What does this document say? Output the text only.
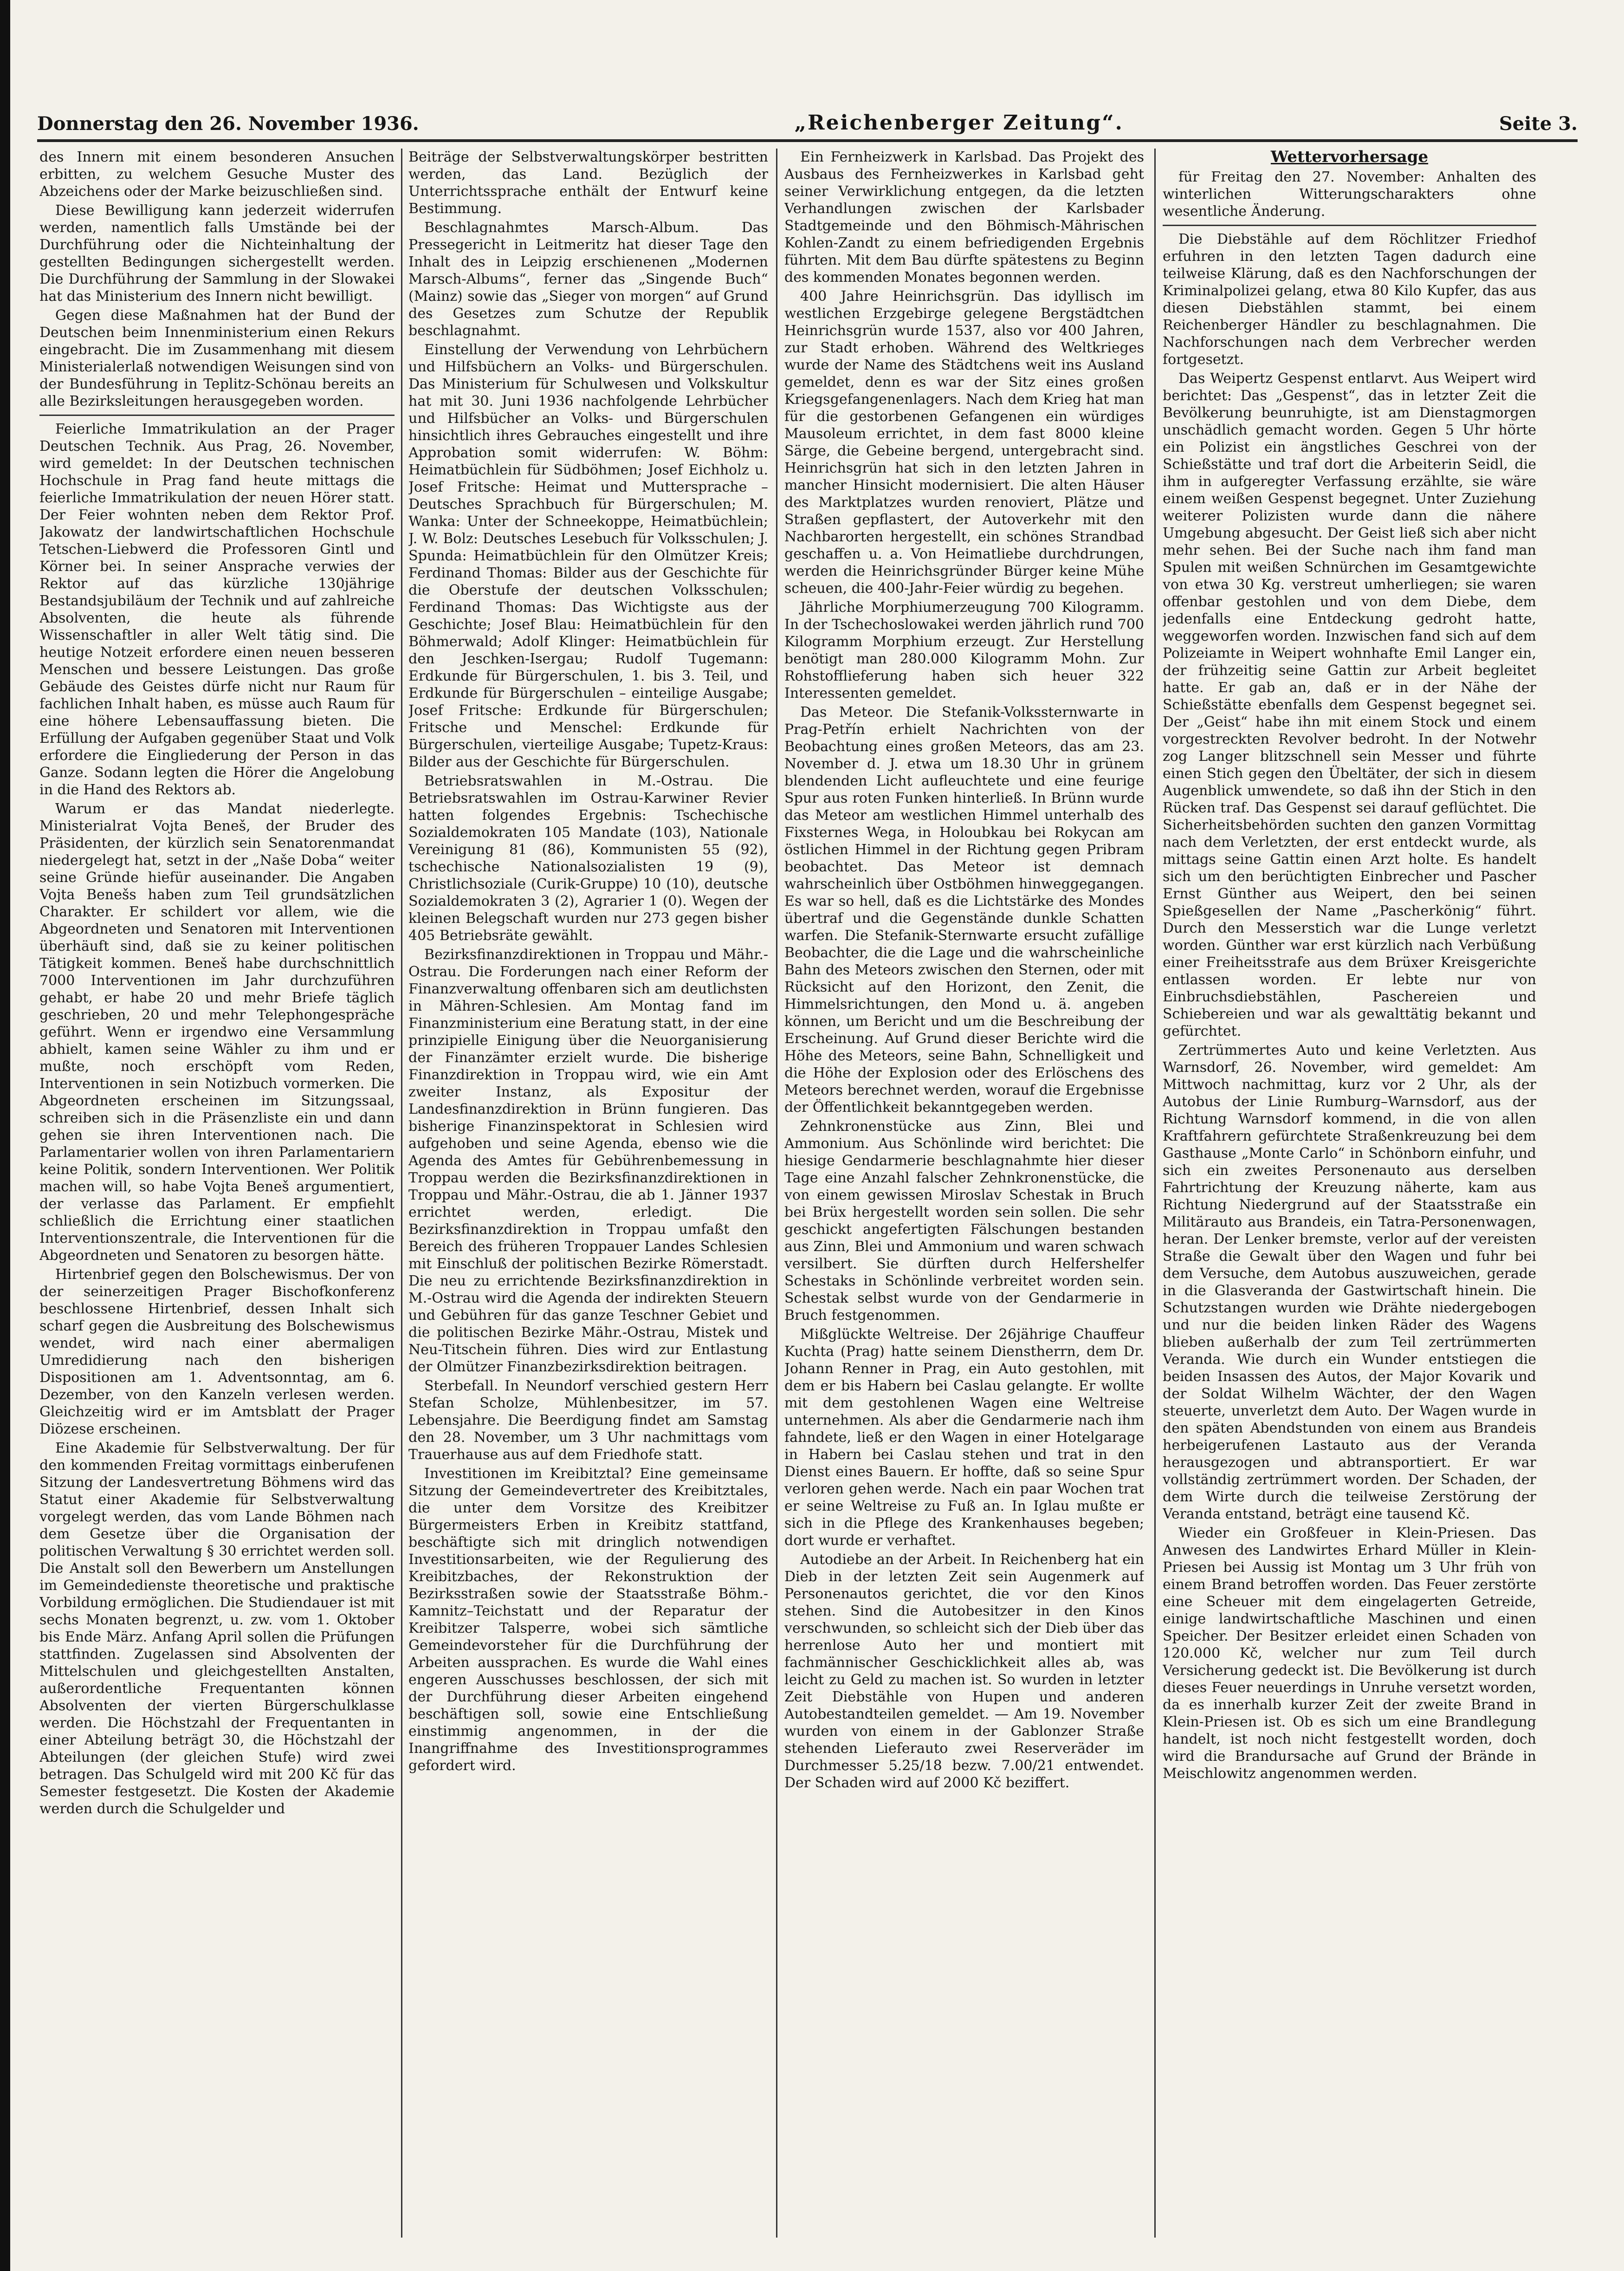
Donnerstag den 26. November 1936.	„Reichenberger Zeitung“.	Seite 3.

des Innern mit einem besonderen Ansuchen erbitten, zu welchem Gesuche Muster des Abzeichens oder der Marke beizuschließen sind.

Diese Bewilligung kann jederzeit widerrufen werden, namentlich falls Umstände bei der Durchführung oder die Nichteinhaltung der gestellten Bedingungen sichergestellt werden. Die Durchführung der Sammlung in der Slowakei hat das Ministerium des Innern nicht bewilligt.

Gegen diese Maßnahmen hat der Bund der Deutschen beim Innenministerium einen Rekurs eingebracht. Die im Zusammenhang mit diesem Ministerialerlaß notwendigen Weisungen sind von der Bundesführung in Teplitz-Schönau bereits an alle Bezirksleitungen herausgegeben worden.

Feierliche Immatrikulation an der Prager Deutschen Technik. Aus Prag, 26. November, wird gemeldet: In der Deutschen technischen Hochschule in Prag fand heute mittags die feierliche Immatrikulation der neuen Hörer statt. Der Feier wohnten neben dem Rektor Prof. Jakowatz der landwirtschaftlichen Hochschule Tetschen-Liebwerd die Professoren Gintl und Körner bei. In seiner Ansprache verwies der Rektor auf das kürzliche 130jährige Bestandsjubiläum der Technik und auf zahlreiche Absolventen, die heute als führende Wissenschaftler in aller Welt tätig sind. Die heutige Notzeit erfordere einen neuen besseren Menschen und bessere Leistungen. Das große Gebäude des Geistes dürfe nicht nur Raum für fachlichen Inhalt haben, es müsse auch Raum für eine höhere Lebensauffassung bieten. Die Erfüllung der Aufgaben gegenüber Staat und Volk erfordere die Eingliederung der Person in das Ganze. Sodann legten die Hörer die Angelobung in die Hand des Rektors ab.

Warum er das Mandat niederlegte. Ministerialrat Vojta Beneš, der Bruder des Präsidenten, der kürzlich sein Senatorenmandat niedergelegt hat, setzt in der „Naše Doba“ weiter seine Gründe hiefür auseinander. Die Angaben Vojta Benešs haben zum Teil grundsätzlichen Charakter. Er schildert vor allem, wie die Abgeordneten und Senatoren mit Interventionen überhäuft sind, daß sie zu keiner politischen Tätigkeit kommen. Beneš habe durchschnittlich 7000 Interventionen im Jahr durchzuführen gehabt, er habe 20 und mehr Briefe täglich geschrieben, 20 und mehr Telephongespräche geführt. Wenn er irgendwo eine Versammlung abhielt, kamen seine Wähler zu ihm und er mußte, noch erschöpft vom Reden, Interventionen in sein Notizbuch vormerken. Die Abgeordneten erscheinen im Sitzungssaal, schreiben sich in die Präsenzliste ein und dann gehen sie ihren Interventionen nach. Die Parlamentarier wollen von ihren Parlamentariern keine Politik, sondern Interventionen. Wer Politik machen will, so habe Vojta Beneš argumentiert, der verlasse das Parlament. Er empfiehlt schließlich die Errichtung einer staatlichen Interventionszentrale, die Interventionen für die Abgeordneten und Senatoren zu besorgen hätte.

Hirtenbrief gegen den Bolschewismus. Der von der seinerzeitigen Prager Bischofkonferenz beschlossene Hirtenbrief, dessen Inhalt sich scharf gegen die Ausbreitung des Bolschewismus wendet, wird nach einer abermaligen Umredidierung nach den bisherigen Dispositionen am 1. Adventsonntag, am 6. Dezember, von den Kanzeln verlesen werden. Gleichzeitig wird er im Amtsblatt der Prager Diözese erscheinen.

Eine Akademie für Selbstverwaltung. Der für den kommenden Freitag vormittags einberufenen Sitzung der Landesvertretung Böhmens wird das Statut einer Akademie für Selbstverwaltung vorgelegt werden, das vom Lande Böhmen nach dem Gesetze über die Organisation der politischen Verwaltung § 30 errichtet werden soll. Die Anstalt soll den Bewerbern um Anstellungen im Gemeindedienste theoretische und praktische Vorbildung ermöglichen. Die Studiendauer ist mit sechs Monaten begrenzt, u. zw. vom 1. Oktober bis Ende März. Anfang April sollen die Prüfungen stattfinden. Zugelassen sind Absolventen der Mittelschulen und gleichgestellten Anstalten, außerordentliche Frequentanten können Absolventen der vierten Bürgerschulklasse werden. Die Höchstzahl der Frequentanten in einer Abteilung beträgt 30, die Höchstzahl der Abteilungen (der gleichen Stufe) wird zwei betragen. Das Schulgeld wird mit 200 Kč für das Semester festgesetzt. Die Kosten der Akademie werden durch die Schulgelder und

Beiträge der Selbstverwaltungskörper bestritten werden, das Land. Bezüglich der Unterrichtssprache enthält der Entwurf keine Bestimmung.

Beschlagnahmtes Marsch-Album. Das Pressegericht in Leitmeritz hat dieser Tage den Inhalt des in Leipzig erschienenen „Modernen Marsch-Albums“, ferner das „Singende Buch“ (Mainz) sowie das „Sieger von morgen“ auf Grund des Gesetzes zum Schutze der Republik beschlagnahmt.

Einstellung der Verwendung von Lehrbüchern und Hilfsbüchern an Volks- und Bürgerschulen. Das Ministerium für Schulwesen und Volkskultur hat mit 30. Juni 1936 nachfolgende Lehrbücher und Hilfsbücher an Volks- und Bürgerschulen hinsichtlich ihres Gebrauches eingestellt und ihre Approbation somit widerrufen: W. Böhm: Heimatbüchlein für Südböhmen; Josef Eichholz u. Josef Fritsche: Heimat und Muttersprache – Deutsches Sprachbuch für Bürgerschulen; M. Wanka: Unter der Schneekoppe, Heimatbüchlein; J. W. Bolz: Deutsches Lesebuch für Volksschulen; J. Spunda: Heimatbüchlein für den Olmützer Kreis; Ferdinand Thomas: Bilder aus der Geschichte für die Oberstufe der deutschen Volksschulen; Ferdinand Thomas: Das Wichtigste aus der Geschichte; Josef Blau: Heimatbüchlein für den Böhmerwald; Adolf Klinger: Heimatbüchlein für den Jeschken-Isergau; Rudolf Tugemann: Erdkunde für Bürgerschulen, 1. bis 3. Teil, und Erdkunde für Bürgerschulen – einteilige Ausgabe; Josef Fritsche: Erdkunde für Bürgerschulen; Fritsche und Menschel: Erdkunde für Bürgerschulen, vierteilige Ausgabe; Tupetz-Kraus: Bilder aus der Geschichte für Bürgerschulen.

Betriebsratswahlen in M.-Ostrau. Die Betriebsratswahlen im Ostrau-Karwiner Revier hatten folgendes Ergebnis: Tschechische Sozialdemokraten 105 Mandate (103), Nationale Vereinigung 81 (86), Kommunisten 55 (92), tschechische Nationalsozialisten 19 (9), Christlichsoziale (Curik-Gruppe) 10 (10), deutsche Sozialdemokraten 3 (2), Agrarier 1 (0). Wegen der kleinen Belegschaft wurden nur 273 gegen bisher 405 Betriebsräte gewählt.

Bezirksfinanzdirektionen in Troppau und Mähr.-Ostrau. Die Forderungen nach einer Reform der Finanzverwaltung offenbaren sich am deutlichsten in Mähren-Schlesien. Am Montag fand im Finanzministerium eine Beratung statt, in der eine prinzipielle Einigung über die Neuorganisierung der Finanzämter erzielt wurde. Die bisherige Finanzdirektion in Troppau wird, wie ein Amt zweiter Instanz, als Expositur der Landesfinanzdirektion in Brünn fungieren. Das bisherige Finanzinspektorat in Schlesien wird aufgehoben und seine Agenda, ebenso wie die Agenda des Amtes für Gebührenbemessung in Troppau werden die Bezirksfinanzdirektionen in Troppau und Mähr.-Ostrau, die ab 1. Jänner 1937 errichtet werden, erledigt. Die Bezirksfinanzdirektion in Troppau umfaßt den Bereich des früheren Troppauer Landes Schlesien mit Einschluß der politischen Bezirke Römerstadt. Die neu zu errichtende Bezirksfinanzdirektion in M.-Ostrau wird die Agenda der indirekten Steuern und Gebühren für das ganze Teschner Gebiet und die politischen Bezirke Mähr.-Ostrau, Mistek und Neu-Titschein führen. Dies wird zur Entlastung der Olmützer Finanzbezirksdirektion beitragen.

Sterbefall. In Neundorf verschied gestern Herr Stefan Scholze, Mühlenbesitzer, im 57. Lebensjahre. Die Beerdigung findet am Samstag den 28. November, um 3 Uhr nachmittags vom Trauerhause aus auf dem Friedhofe statt.

Investitionen im Kreibitztal? Eine gemeinsame Sitzung der Gemeindevertreter des Kreibitztales, die unter dem Vorsitze des Kreibitzer Bürgermeisters Erben in Kreibitz stattfand, beschäftigte sich mit dringlich notwendigen Investitionsarbeiten, wie der Regulierung des Kreibitzbaches, der Rekonstruktion der Bezirksstraßen sowie der Staatsstraße Böhm.-Kamnitz–Teichstatt und der Reparatur der Kreibitzer Talsperre, wobei sich sämtliche Gemeindevorsteher für die Durchführung der Arbeiten aussprachen. Es wurde die Wahl eines engeren Ausschusses beschlossen, der sich mit der Durchführung dieser Arbeiten eingehend beschäftigen soll, sowie eine Entschließung einstimmig angenommen, in der die Inangriffnahme des Investitionsprogrammes gefordert wird.

Ein Fernheizwerk in Karlsbad. Das Projekt des Ausbaus des Fernheizwerkes in Karlsbad geht seiner Verwirklichung entgegen, da die letzten Verhandlungen zwischen der Karlsbader Stadtgemeinde und den Böhmisch-Mährischen Kohlen-Zandt zu einem befriedigenden Ergebnis führten. Mit dem Bau dürfte spätestens zu Beginn des kommenden Monates begonnen werden.

400 Jahre Heinrichsgrün. Das idyllisch im westlichen Erzgebirge gelegene Bergstädtchen Heinrichsgrün wurde 1537, also vor 400 Jahren, zur Stadt erhoben. Während des Weltkrieges wurde der Name des Städtchens weit ins Ausland gemeldet, denn es war der Sitz eines großen Kriegsgefangenenlagers. Nach dem Krieg hat man für die gestorbenen Gefangenen ein würdiges Mausoleum errichtet, in dem fast 8000 kleine Särge, die Gebeine bergend, untergebracht sind. Heinrichsgrün hat sich in den letzten Jahren in mancher Hinsicht modernisiert. Die alten Häuser des Marktplatzes wurden renoviert, Plätze und Straßen gepflastert, der Autoverkehr mit den Nachbarorten hergestellt, ein schönes Strandbad geschaffen u. a. Von Heimatliebe durchdrungen, werden die Heinrichsgründer Bürger keine Mühe scheuen, die 400-Jahr-Feier würdig zu begehen.

Jährliche Morphiumerzeugung 700 Kilogramm. In der Tschechoslowakei werden jährlich rund 700 Kilogramm Morphium erzeugt. Zur Herstellung benötigt man 280.000 Kilogramm Mohn. Zur Rohstofflieferung haben sich heuer 322 Interessenten gemeldet.

Das Meteor. Die Stefanik-Volkssternwarte in Prag-Petřín erhielt Nachrichten von der Beobachtung eines großen Meteors, das am 23. November d. J. etwa um 18.30 Uhr in grünem blendenden Licht aufleuchtete und eine feurige Spur aus roten Funken hinterließ. In Brünn wurde das Meteor am westlichen Himmel unterhalb des Fixsternes Wega, in Holoubkau bei Rokycan am östlichen Himmel in der Richtung gegen Pribram beobachtet. Das Meteor ist demnach wahrscheinlich über Ostböhmen hinweggegangen. Es war so hell, daß es die Lichtstärke des Mondes übertraf und die Gegenstände dunkle Schatten warfen. Die Stefanik-Sternwarte ersucht zufällige Beobachter, die die Lage und die wahrscheinliche Bahn des Meteors zwischen den Sternen, oder mit Rücksicht auf den Horizont, den Zenit, die Himmelsrichtungen, den Mond u. ä. angeben können, um Bericht und um die Beschreibung der Erscheinung. Auf Grund dieser Berichte wird die Höhe des Meteors, seine Bahn, Schnelligkeit und die Höhe der Explosion oder des Erlöschens des Meteors berechnet werden, worauf die Ergebnisse der Öffentlichkeit bekanntgegeben werden.

Zehnkronenstücke aus Zinn, Blei und Ammonium. Aus Schönlinde wird berichtet: Die hiesige Gendarmerie beschlagnahmte hier dieser Tage eine Anzahl falscher Zehnkronenstücke, die von einem gewissen Miroslav Schestak in Bruch bei Brüx hergestellt worden sein sollen. Die sehr geschickt angefertigten Fälschungen bestanden aus Zinn, Blei und Ammonium und waren schwach versilbert. Sie dürften durch Helfershelfer Schestaks in Schönlinde verbreitet worden sein. Schestak selbst wurde von der Gendarmerie in Bruch festgenommen.

Mißglückte Weltreise. Der 26jährige Chauffeur Kuchta (Prag) hatte seinem Dienstherrn, dem Dr. Johann Renner in Prag, ein Auto gestohlen, mit dem er bis Habern bei Caslau gelangte. Er wollte mit dem gestohlenen Wagen eine Weltreise unternehmen. Als aber die Gendarmerie nach ihm fahndete, ließ er den Wagen in einer Hotelgarage in Habern bei Caslau stehen und trat in den Dienst eines Bauern. Er hoffte, daß so seine Spur verloren gehen werde. Nach ein paar Wochen trat er seine Weltreise zu Fuß an. In Iglau mußte er sich in die Pflege des Krankenhauses begeben; dort wurde er verhaftet.

Autodiebe an der Arbeit. In Reichenberg hat ein Dieb in der letzten Zeit sein Augenmerk auf Personenautos gerichtet, die vor den Kinos stehen. Sind die Autobesitzer in den Kinos verschwunden, so schleicht sich der Dieb über das herrenlose Auto her und montiert mit fachmännischer Geschicklichkeit alles ab, was leicht zu Geld zu machen ist. So wurden in letzter Zeit Diebstähle von Hupen und anderen Autobestandteilen gemeldet. — Am 19. November wurden von einem in der Gablonzer Straße stehenden Lieferauto zwei Reserveräder im Durchmesser 5.25/18 bezw. 7.00/21 entwendet. Der Schaden wird auf 2000 Kč beziffert.

Wettervorhersage

für Freitag den 27. November: Anhalten des winterlichen Witterungscharakters ohne wesentliche Änderung.

Die Diebstähle auf dem Röchlitzer Friedhof erfuhren in den letzten Tagen dadurch eine teilweise Klärung, daß es den Nachforschungen der Kriminalpolizei gelang, etwa 80 Kilo Kupfer, das aus diesen Diebstählen stammt, bei einem Reichenberger Händler zu beschlagnahmen. Die Nachforschungen nach dem Verbrecher werden fortgesetzt.

Das Weipertz Gespenst entlarvt. Aus Weipert wird berichtet: Das „Gespenst“, das in letzter Zeit die Bevölkerung beunruhigte, ist am Dienstagmorgen unschädlich gemacht worden. Gegen 5 Uhr hörte ein Polizist ein ängstliches Geschrei von der Schießstätte und traf dort die Arbeiterin Seidl, die ihm in aufgeregter Verfassung erzählte, sie wäre einem weißen Gespenst begegnet. Unter Zuziehung weiterer Polizisten wurde dann die nähere Umgebung abgesucht. Der Geist ließ sich aber nicht mehr sehen. Bei der Suche nach ihm fand man Spulen mit weißen Schnürchen im Gesamtgewichte von etwa 30 Kg. verstreut umherliegen; sie waren offenbar gestohlen und von dem Diebe, dem jedenfalls eine Entdeckung gedroht hatte, weggeworfen worden. Inzwischen fand sich auf dem Polizeiamte in Weipert wohnhafte Emil Langer ein, der frühzeitig seine Gattin zur Arbeit begleitet hatte. Er gab an, daß er in der Nähe der Schießstätte ebenfalls dem Gespenst begegnet sei. Der „Geist“ habe ihn mit einem Stock und einem vorgestreckten Revolver bedroht. In der Notwehr zog Langer blitzschnell sein Messer und führte einen Stich gegen den Übeltäter, der sich in diesem Augenblick umwendete, so daß ihn der Stich in den Rücken traf. Das Gespenst sei darauf geflüchtet. Die Sicherheitsbehörden suchten den ganzen Vormittag nach dem Verletzten, der erst entdeckt wurde, als mittags seine Gattin einen Arzt holte. Es handelt sich um den berüchtigten Einbrecher und Pascher Ernst Günther aus Weipert, den bei seinen Spießgesellen der Name „Pascherkönig“ führt. Durch den Messerstich war die Lunge verletzt worden. Günther war erst kürzlich nach Verbüßung einer Freiheitsstrafe aus dem Brüxer Kreisgerichte entlassen worden. Er lebte nur von Einbruchsdiebstählen, Paschereien und Schiebereien und war als gewalttätig bekannt und gefürchtet.

Zertrümmertes Auto und keine Verletzten. Aus Warnsdorf, 26. November, wird gemeldet: Am Mittwoch nachmittag, kurz vor 2 Uhr, als der Autobus der Linie Rumburg–Warnsdorf, aus der Richtung Warnsdorf kommend, in die von allen Kraftfahrern gefürchtete Straßenkreuzung bei dem Gasthause „Monte Carlo“ in Schönborn einfuhr, und sich ein zweites Personenauto aus derselben Fahrtrichtung der Kreuzung näherte, kam aus Richtung Niedergrund auf der Staatsstraße ein Militärauto aus Brandeis, ein Tatra-Personenwagen, heran. Der Lenker bremste, verlor auf der vereisten Straße die Gewalt über den Wagen und fuhr bei dem Versuche, dem Autobus auszuweichen, gerade in die Glasveranda der Gastwirtschaft hinein. Die Schutzstangen wurden wie Drähte niedergebogen und nur die beiden linken Räder des Wagens blieben außerhalb der zum Teil zertrümmerten Veranda. Wie durch ein Wunder entstiegen die beiden Insassen des Autos, der Major Kovarik und der Soldat Wilhelm Wächter, der den Wagen steuerte, unverletzt dem Auto. Der Wagen wurde in den späten Abendstunden von einem aus Brandeis herbeigerufenen Lastauto aus der Veranda herausgezogen und abtransportiert. Er war vollständig zertrümmert worden. Der Schaden, der dem Wirte durch die teilweise Zerstörung der Veranda entstand, beträgt eine tausend Kč.

Wieder ein Großfeuer in Klein-Priesen. Das Anwesen des Landwirtes Erhard Müller in Klein-Priesen bei Aussig ist Montag um 3 Uhr früh von einem Brand betroffen worden. Das Feuer zerstörte eine Scheuer mit dem eingelagerten Getreide, einige landwirtschaftliche Maschinen und einen Speicher. Der Besitzer erleidet einen Schaden von 120.000 Kč, welcher nur zum Teil durch Versicherung gedeckt ist. Die Bevölkerung ist durch dieses Feuer neuerdings in Unruhe versetzt worden, da es innerhalb kurzer Zeit der zweite Brand in Klein-Priesen ist. Ob es sich um eine Brandlegung handelt, ist noch nicht festgestellt worden, doch wird die Brandursache auf Grund der Brände in Meischlowitz angenommen werden.
